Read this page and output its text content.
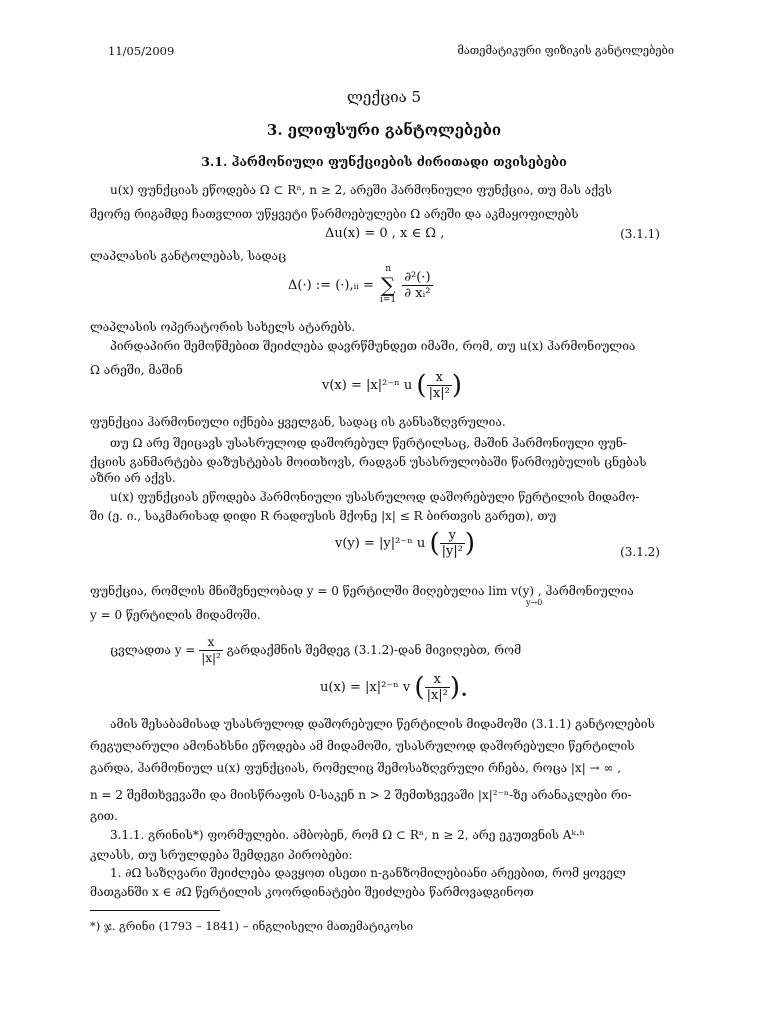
11/05/2009	მათემატიკური ფიზიკის განტოლებები
ლექცია 5
3. ელიფსური განტოლებები
3.1. ჰარმონიული ფუნქციების ძირითადი თვისებები
u(x) ფუნქციას ეწოდება Ω ⊂ Rⁿ, n ≥ 2, არეში ჰარმონიული ფუნქცია, თუ მას აქვს
მეორე რიგამდე ჩათვლით უწყვეტი წარმოებულები Ω არეში და აკმაყოფილებს
Δu(x) = 0 , x ∈ Ω ,	(3.1.1)
ლაპლასის განტოლებას, სადაც
Δ(·) := (·),ᵢᵢ =
n
∑
i=1
$\frac{\text{∂²(·)}}{\text{∂ xᵢ²}}$
ლაპლასის ოპერატორის სახელს ატარებს.
პირდაპირი შემოწმებით შეიძლება დავრწმუნდეთ იმაში, რომ, თუ u(x) ჰარმონიულია
Ω არეში, მაშინ
v(x) = |x|²⁻ⁿ u ( $\frac{x}{\text{|x|²}}$ )
ფუნქცია ჰარმონიული იქნება ყველგან, სადაც ის განსაზღვრულია.
თუ Ω არე შეიცავს უსასრულოდ დაშორებულ წერტილსაც, მაშინ ჰარმონიული ფუნ-
ქციის განმარტება დაზუსტებას მოითხოვს, რადგან უსასრულობაში წარმოებულის ცნებას
აზრი არ აქვს.
u(x) ფუნქციას ეწოდება ჰარმონიული უსასრულოდ დაშორებული წერტილის მიდამო-
ში (ე. ი., საკმარისად დიდი R რადიუსის მქონე |x| ≤ R ბირთვის გარეთ), თუ
v(y) = |y|²⁻ⁿ u ( $\frac{y}{\text{|y|²}}$ )	(3.1.2)
ფუნქცია, რომლის მნიშვნელობად y = 0 წერტილში მიღებულია lim v(y) , ჰარმონიულია
y→0
y = 0 წერტილის მიდამოში.
ცვლადთა $y = \frac{x}{\text{|x|²}}$ გარდაქმნის შემდეგ (3.1.2)-დან მივიღებთ, რომ
u(x) = |x|²⁻ⁿ v ( $\frac{x}{\text{|x|²}}$ ).
ამის შესაბამისად უსასრულოდ დაშორებული წერტილის მიდამოში (3.1.1) განტოლების
რეგულარული ამონახსნი ეწოდება ამ მიდამოში, უსასრულოდ დაშორებული წერტილის
გარდა, ჰარმონიულ u(x) ფუნქციას, რომელიც შემოსაზღვრული რჩება, როცა |x| → ∞ ,
n = 2 შემთხვევაში და მიისწრაფის 0-საკენ n > 2 შემთხვევაში |x|²⁻ⁿ-ზე არანაკლები რი-
გით.
3.1.1. გრინის*) ფორმულები. ამბობენ, რომ Ω ⊂ Rⁿ, n ≥ 2, არე ეკუთვნის Aᵏ·ʰ
კლასს, თუ სრულდება შემდეგი პირობები:
1. ∂Ω საზღვარი შეიძლება დავყოთ ისეთი n-განზომილებიანი არეებით, რომ ყოველ
მათგანში x ∈ ∂Ω წერტილის კოორდინატები შეიძლება წარმოვადგინოთ
*) ჯ. გრინი (1793 – 1841) – ინგლისელი მათემატიკოსი
